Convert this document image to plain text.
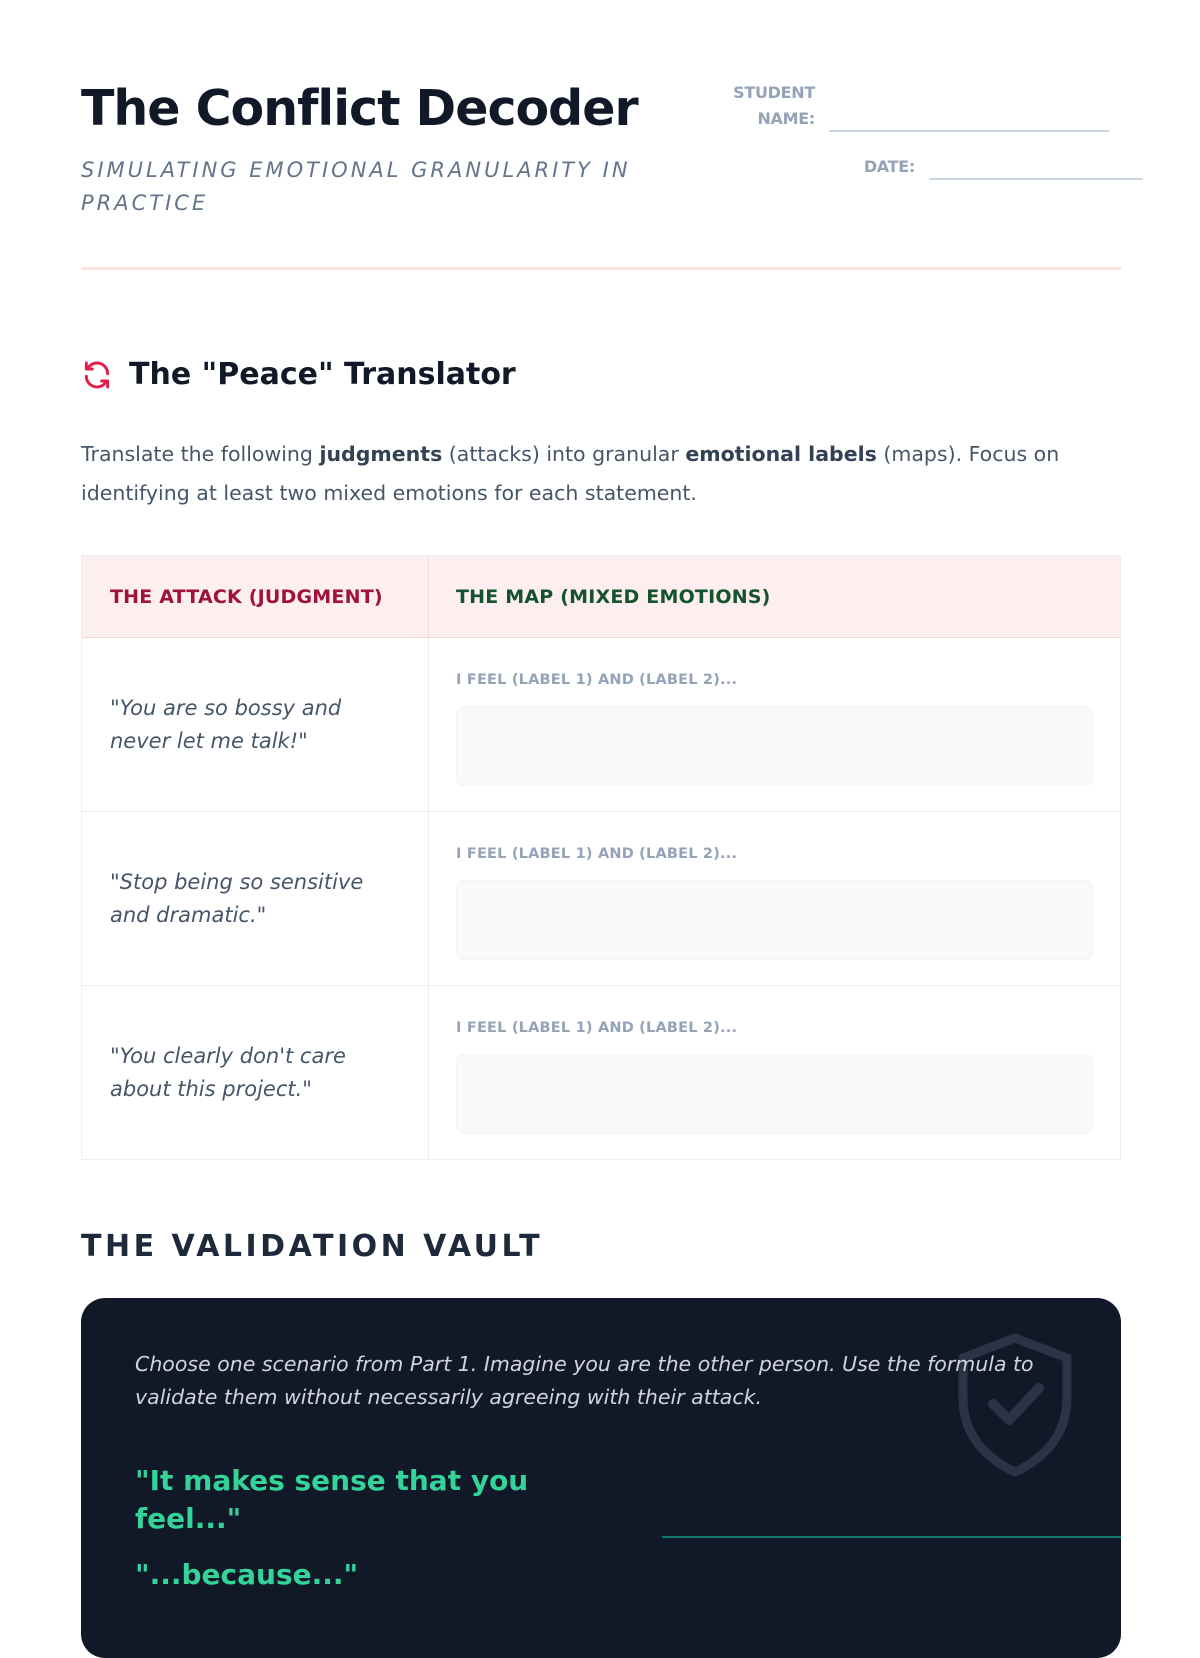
The Conflict Decoder
SIMULATING EMOTIONAL GRANULARITY IN PRACTICE
STUDENT
NAME:
DATE:
The "Peace" Translator
Translate the following judgments (attacks) into granular emotional labels (maps). Focus on identifying at least two mixed emotions for each statement.
THE ATTACK (JUDGMENT)	THE MAP (MIXED EMOTIONS)
"You are so bossy and never let me talk!"
I FEEL (LABEL 1) AND (LABEL 2)...
"Stop being so sensitive and dramatic."
I FEEL (LABEL 1) AND (LABEL 2)...
"You clearly don't care about this project."
I FEEL (LABEL 1) AND (LABEL 2)...
THE VALIDATION VAULT
Choose one scenario from Part 1. Imagine you are the other person. Use the formula to validate them without necessarily agreeing with their attack.
"It makes sense that you feel..."
"...because..."
